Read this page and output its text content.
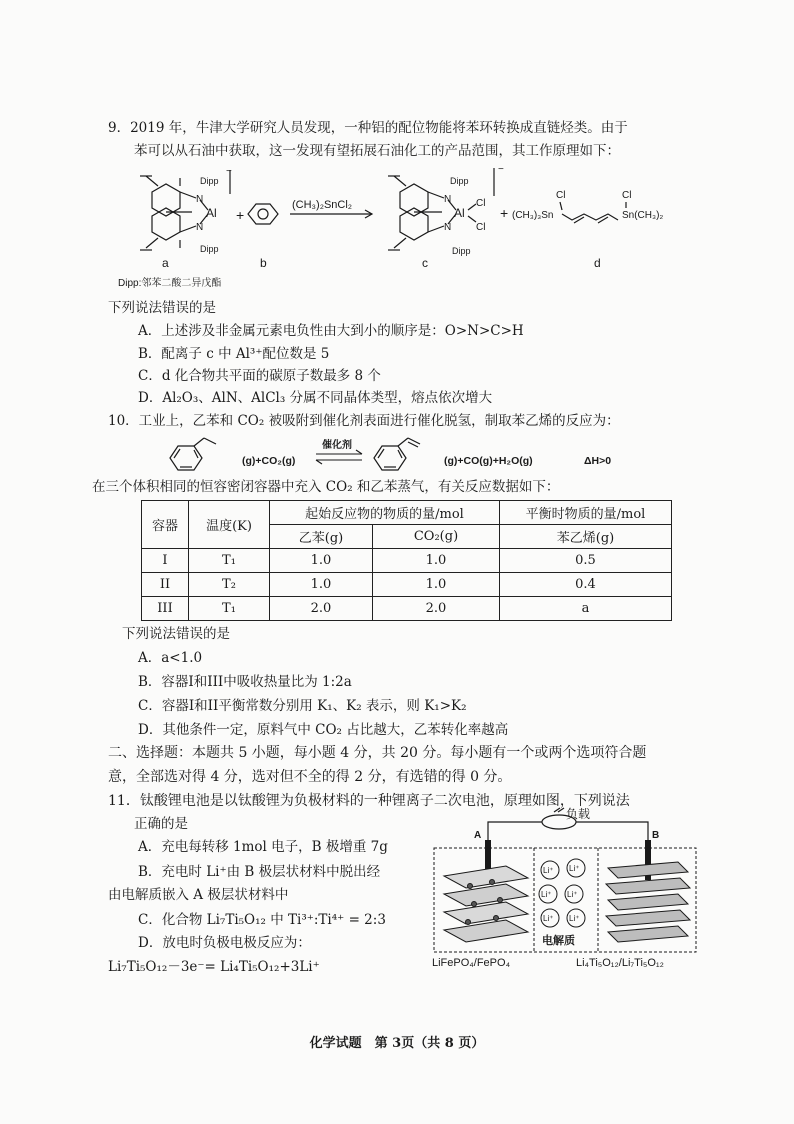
9．2019 年，牛津大学研究人员发现，一种铝的配位物能将苯环转换成直链烃类。由于
苯可以从石油中获取，这一发现有望拓展石油化工的产品范围，其工作原理如下：
N
N
Dipp
Dipp
Al
−
a
+
b
(CH₃)₂SnCl₂	N
N
Dipp
Dipp
Al
Cl
Cl
−
c
+ (CH₃)₃Sn
Cl	Cl
Sn(CH₃)₂
d
Dipp:邻苯二酸二异戊酯
下列说法错误的是
A．上述涉及非金属元素电负性由大到小的顺序是：O>N>C>H
B．配离子 c 中 Al³⁺配位数是 5
C．d 化合物共平面的碳原子数最多 8 个
D．Al₂O₃、AlN、AlCl₃ 分属不同晶体类型，熔点依次增大
10．工业上，乙苯和 CO₂ 被吸附到催化剂表面进行催化脱氢，制取苯乙烯的反应为：
(g)+CO₂(g)
催化剂
(g)+CO(g)+H₂O(g)	ΔH>0
在三个体积相同的恒容密闭容器中充入 CO₂ 和乙苯蒸气，有关反应数据如下：
容器	温度(K)	起始反应物的物质的量/mol		平衡时物质的量/mol
		乙苯(g)	CO₂(g)	苯乙烯(g)
I	T₁	1.0	1.0	0.5
II	T₂	1.0	1.0	0.4
III	T₁	2.0	2.0	a
下列说法错误的是
A．a<1.0
B．容器I和III中吸收热量比为 1:2a
C．容器I和II平衡常数分别用 K₁、K₂ 表示，则 K₁>K₂
D．其他条件一定，原料气中 CO₂ 占比越大，乙苯转化率越高
二、选择题：本题共 5 小题，每小题 4 分，共 20 分。每小题有一个或两个选项符合题
意，全部选对得 4 分，选对但不全的得 2 分，有选错的得 0 分。
11．钛酸锂电池是以钛酸锂为负极材料的一种锂离子二次电池，原理如图，下列说法
正确的是
A．充电每转移 1mol 电子，B 极增重 7g
B．充电时 Li⁺由 B 极层状材料中脱出经
由电解质嵌入 A 极层状材料中
C．化合物 Li₇Ti₅O₁₂ 中 Ti³⁺:Ti⁴⁺ = 2:3
D．放电时负极电极反应为：
Li₇Ti₅O₁₂－3e⁻= Li₄Ti₅O₁₂+3Li⁺
负载
A	B
Li⁺ Li⁺
Li⁺ Li⁺
Li⁺ Li⁺
电解质
LiFePO₄/FePO₄	Li₄Ti₅O₁₂/Li₇Ti₅O₁₂
化学试题　第 3页（共 8 页）
